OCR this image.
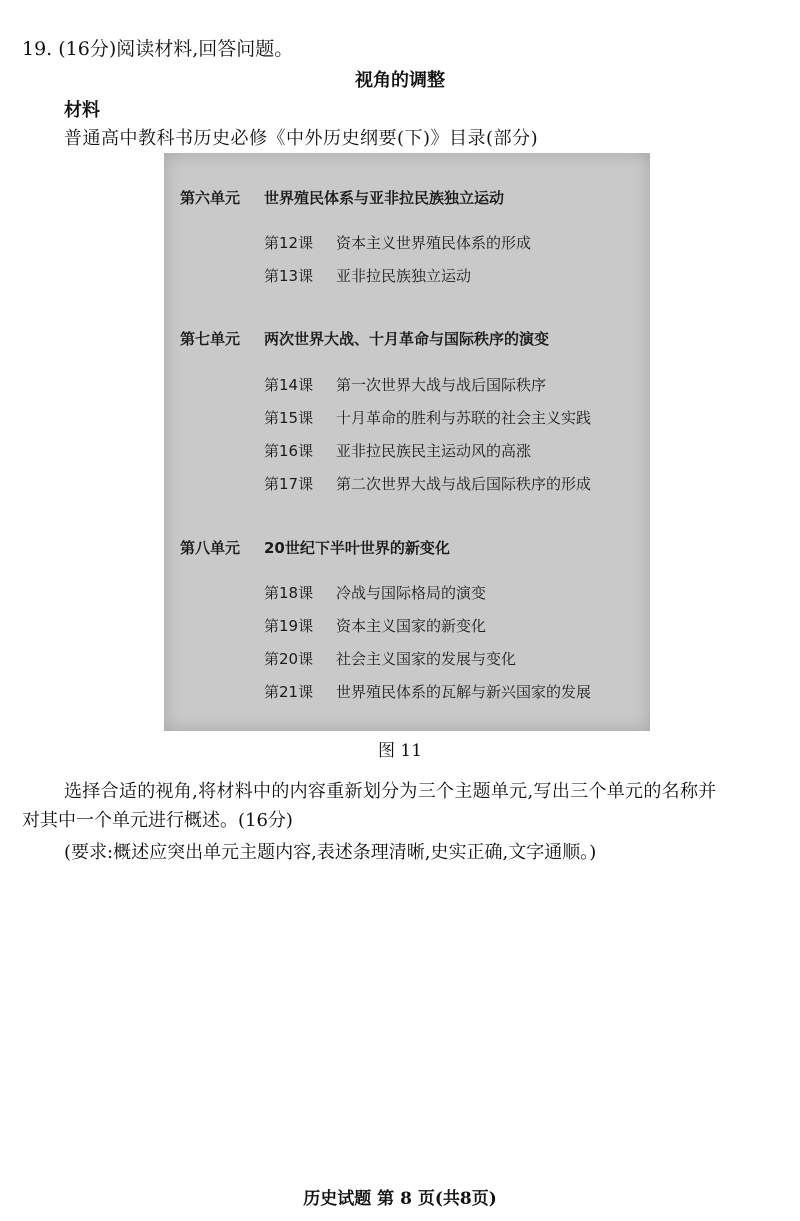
19. (16分)阅读材料,回答问题。
视角的调整
材料
普通高中教科书历史必修《中外历史纲要(下)》目录(部分)
第六单元 世界殖民体系与亚非拉民族独立运动
第12课 资本主义世界殖民体系的形成
第13课 亚非拉民族独立运动
第七单元 两次世界大战、十月革命与国际秩序的演变
第14课 第一次世界大战与战后国际秩序
第15课 十月革命的胜利与苏联的社会主义实践
第16课 亚非拉民族民主运动风的高涨
第17课 第二次世界大战与战后国际秩序的形成
第八单元 20世纪下半叶世界的新变化
第18课 冷战与国际格局的演变
第19课 资本主义国家的新变化
第20课 社会主义国家的发展与变化
第21课 世界殖民体系的瓦解与新兴国家的发展
图 11
选择合适的视角,将材料中的内容重新划分为三个主题单元,写出三个单元的名称并
对其中一个单元进行概述。(16分)
(要求:概述应突出单元主题内容,表述条理清晰,史实正确,文字通顺。)
历史试题 第 8 页(共8页)
